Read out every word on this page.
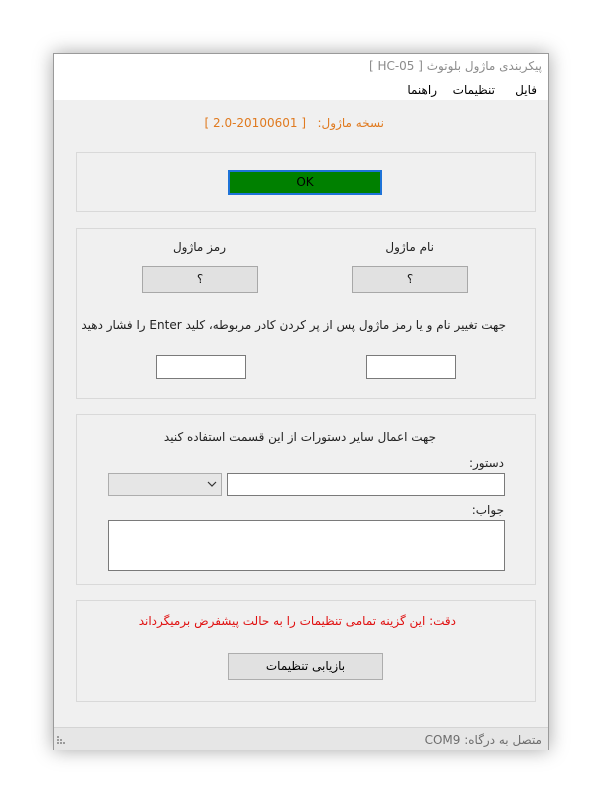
پیکربندی ماژول بلوتوث [ HC-05 ]
فایل
تنظیمات
راهنما
نسخه ماژول:
[ 2.0-20100601 ]
OK
نام ماژول
رمز ماژول
؟
؟
جهت تغییر نام و یا رمز ماژول پس از پر کردن کادر مربوطه، کلید Enter را فشار دهید
جهت اعمال سایر دستورات از این قسمت استفاده کنید
دستور:
جواب:
دقت: این گزینه تمامی تنظیمات را به حالت پیشفرض برمیگرداند
بازیابی تنظیمات
متصل به درگاه: COM9
